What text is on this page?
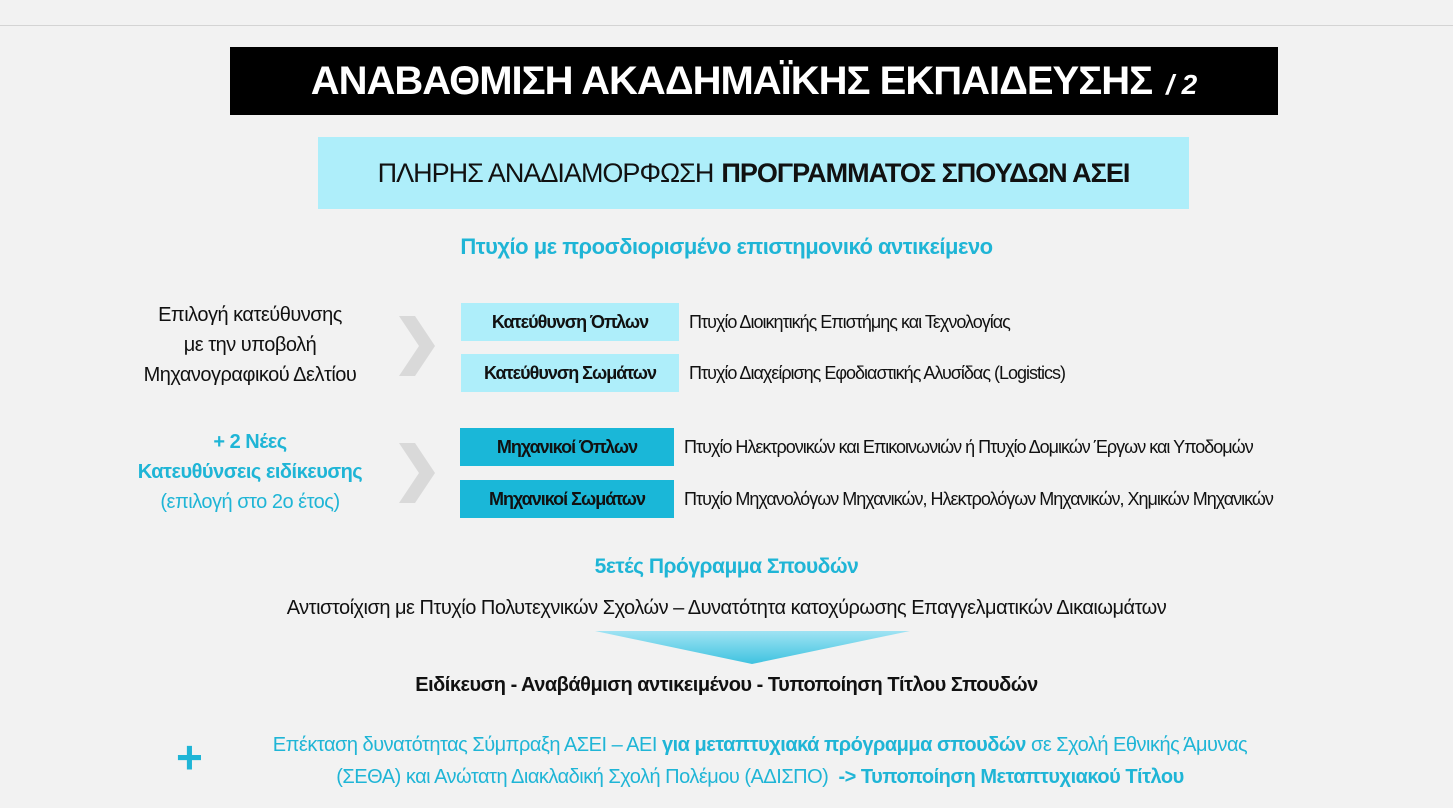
ΑΝΑΒΑΘΜΙΣΗ ΑΚΑΔΗΜΑΪΚΗΣ ΕΚΠΑΙΔΕΥΣΗΣ / 2
ΠΛΗΡΗΣ ΑΝΑΔΙΑΜΟΡΦΩΣΗ ΠΡΟΓΡΑΜΜΑΤΟΣ ΣΠΟΥΔΩΝ ΑΣΕΙ
Πτυχίο με προσδιορισμένο επιστημονικό αντικείμενο
Επιλογή κατεύθυνσης
με την υποβολή
Μηχανογραφικού Δελτίου
Κατεύθυνση Όπλων	Πτυχίο Διοικητικής Επιστήμης και Τεχνολογίας
Κατεύθυνση Σωμάτων	Πτυχίο Διαχείρισης Εφοδιαστικής Αλυσίδας (Logistics)
+ 2 Νέες
Κατευθύνσεις ειδίκευσης
(επιλογή στο 2ο έτος)
Μηχανικοί Όπλων	Πτυχίο Ηλεκτρονικών και Επικοινωνιών ή Πτυχίο Δομικών Έργων και Υποδομών
Μηχανικοί Σωμάτων	Πτυχίο Μηχανολόγων Μηχανικών, Ηλεκτρολόγων Μηχανικών, Χημικών Μηχανικών
5ετές Πρόγραμμα Σπουδών
Αντιστοίχιση με Πτυχίο Πολυτεχνικών Σχολών – Δυνατότητα κατοχύρωσης Επαγγελματικών Δικαιωμάτων
Ειδίκευση - Αναβάθμιση αντικειμένου - Τυποποίηση Τίτλου Σπουδών
+	Επέκταση δυνατότητας Σύμπραξη ΑΣΕΙ – ΑΕΙ για μεταπτυχιακά πρόγραμμα σπουδών σε Σχολή Εθνικής Άμυνας
(ΣΕΘΑ) και Ανώτατη Διακλαδική Σχολή Πολέμου (ΑΔΙΣΠΟ) -> Τυποποίηση Μεταπτυχιακού Τίτλου
